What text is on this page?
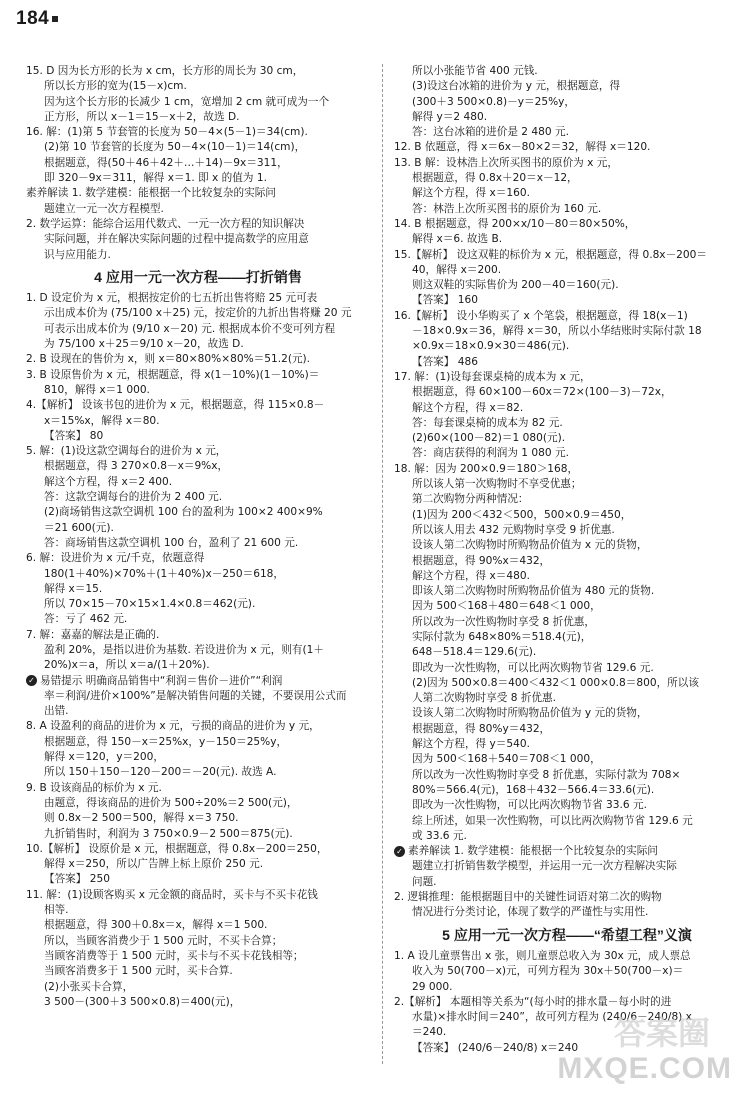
184
15. D 因为长方形的长为 x cm，长方形的周长为 30 cm，
所以长方形的宽为(15－x)cm.
因为这个长方形的长减少 1 cm，宽增加 2 cm 就可成为一个
正方形，所以 x－1＝15－x＋2，故选 D.
16. 解：(1)第 5 节套管的长度为 50－4×(5－1)＝34(cm).
(2)第 10 节套管的长度为 50－4×(10－1)＝14(cm)，
根据题意，得(50＋46＋42＋…＋14)－9x＝311，
即 320－9x＝311，解得 x＝1. 即 x 的值为 1.
素养解读 1. 数学建模：能根据一个比较复杂的实际问
题建立一元一次方程模型.
2. 数学运算：能综合运用代数式、一元一次方程的知识解决
实际问题，并在解决实际问题的过程中提高数学的应用意
识与应用能力.
4 应用一元一次方程——打折销售
1. D 设定价为 x 元，根据按定价的七五折出售将赔 25 元可表
示出成本价为 (75/100 x＋25) 元，按定价的九折出售将赚 20 元
可表示出成本价为 (9/10 x－20) 元. 根据成本价不变可列方程
为 75/100 x＋25＝9/10 x－20，故选 D.
2. B 设现在的售价为 x，则 x＝80×80%×80%＝51.2(元).
3. B 设原售价为 x 元，根据题意，得 x(1－10%)(1－10%)＝
810，解得 x＝1 000.
4.【解析】 设该书包的进价为 x 元，根据题意，得 115×0.8－
x＝15%x，解得 x＝80.
【答案】 80
5. 解：(1)设这款空调每台的进价为 x 元，
根据题意，得 3 270×0.8－x＝9%x，
解这个方程，得 x＝2 400.
答：这款空调每台的进价为 2 400 元.
(2)商场销售这款空调机 100 台的盈利为 100×2 400×9%
＝21 600(元).
答：商场销售这款空调机 100 台，盈利了 21 600 元.
6. 解：设进价为 x 元/千克，依题意得
180(1＋40%)×70%＋(1＋40%)x－250＝618，
解得 x＝15.
所以 70×15－70×15×1.4×0.8＝462(元).
答：亏了 462 元.
7. 解：嘉嘉的解法是正确的.
盈利 20%，是指以进价为基数. 若设进价为 x 元，则有(1＋
20%)x＝a，所以 x＝a/(1＋20%).
✓ 易错提示 明确商品销售中“利润＝售价－进价”“利润
率＝利润/进价×100%”是解决销售问题的关键，不要误用公式而
出错.
8. A 设盈利的商品的进价为 x 元，亏损的商品的进价为 y 元，
根据题意，得 150－x＝25%x，y－150＝25%y，
解得 x＝120，y＝200，
所以 150＋150－120－200＝－20(元). 故选 A.
9. B 设该商品的标价为 x 元.
由题意，得该商品的进价为 500÷20%＝2 500(元)，
则 0.8x－2 500＝500，解得 x＝3 750.
九折销售时，利润为 3 750×0.9－2 500＝875(元).
10.【解析】 设原价是 x 元，根据题意，得 0.8x－200＝250，
解得 x＝250，所以广告牌上标上原价 250 元.
【答案】 250
11. 解：(1)设顾客购买 x 元金额的商品时，买卡与不买卡花钱
相等.
根据题意，得 300＋0.8x＝x，解得 x＝1 500.
所以，当顾客消费少于 1 500 元时，不买卡合算；
当顾客消费等于 1 500 元时，买卡与不买卡花钱相等；
当顾客消费多于 1 500 元时，买卡合算.
(2)小张买卡合算，
3 500－(300＋3 500×0.8)＝400(元)，
所以小张能节省 400 元钱.
(3)设这台冰箱的进价为 y 元，根据题意，得
(300＋3 500×0.8)－y＝25%y，
解得 y＝2 480.
答：这台冰箱的进价是 2 480 元.
12. B 依题意，得 x＝6x－80×2＝32，解得 x＝120.
13. B 解：设林浩上次所买图书的原价为 x 元，
根据题意，得 0.8x＋20＝x－12，
解这个方程，得 x＝160.
答：林浩上次所买图书的原价为 160 元.
14. B 根据题意，得 200×x/10－80＝80×50%，
解得 x＝6. 故选 B.
15.【解析】 设这双鞋的标价为 x 元，根据题意，得 0.8x－200＝
40，解得 x＝200.
则这双鞋的实际售价为 200－40＝160(元).
【答案】 160
16.【解析】 设小华购买了 x 个笔袋，根据题意，得 18(x－1)
－18×0.9x＝36，解得 x＝30，所以小华结账时实际付款 18
×0.9x＝18×0.9×30＝486(元).
【答案】 486
17. 解：(1)设每套课桌椅的成本为 x 元，
根据题意，得 60×100－60x＝72×(100－3)－72x，
解这个方程，得 x＝82.
答：每套课桌椅的成本为 82 元.
(2)60×(100－82)＝1 080(元).
答：商店获得的利润为 1 080 元.
18. 解：因为 200×0.9＝180＞168，
所以该人第一次购物时不享受优惠；
第二次购物分两种情况：
(1)因为 200＜432＜500，500×0.9＝450，
所以该人用去 432 元购物时享受 9 折优惠.
设该人第二次购物时所购物品价值为 x 元的货物，
根据题意，得 90%x＝432，
解这个方程，得 x＝480.
即该人第二次购物时所购物品价值为 480 元的货物.
因为 500＜168＋480＝648＜1 000，
所以改为一次性购物时享受 8 折优惠，
实际付款为 648×80%＝518.4(元)，
648－518.4＝129.6(元).
即改为一次性购物，可以比两次购物节省 129.6 元.
(2)因为 500×0.8＝400＜432＜1 000×0.8＝800，所以该
人第二次购物时享受 8 折优惠.
设该人第二次购物时所购物品价值为 y 元的货物，
根据题意，得 80%y＝432，
解这个方程，得 y＝540.
因为 500＜168＋540＝708＜1 000，
所以改为一次性购物时享受 8 折优惠，实际付款为 708×
80%＝566.4(元)，168＋432－566.4＝33.6(元).
即改为一次性购物，可以比两次购物节省 33.6 元.
综上所述，如果一次性购物，可以比两次购物节省 129.6 元
或 33.6 元.
✓ 素养解读 1. 数学建模：能根据一个比较复杂的实际问
题建立打折销售数学模型，并运用一元一次方程解决实际
问题.
2. 逻辑推理：能根据题目中的关键性词语对第二次的购物
情况进行分类讨论，体现了数学的严谨性与实用性.
5 应用一元一次方程——“希望工程”义演
1. A 设儿童票售出 x 张，则儿童票总收入为 30x 元，成人票总
收入为 50(700－x)元，可列方程为 30x＋50(700－x)＝
29 000.
2.【解析】 本题相等关系为“(每小时的排水量－每小时的进
水量)×排水时间＝240”，故可列方程为 (240/6－240/8) x
＝240.
【答案】 (240/6－240/8) x＝240	答案圈
MXQE.COM
